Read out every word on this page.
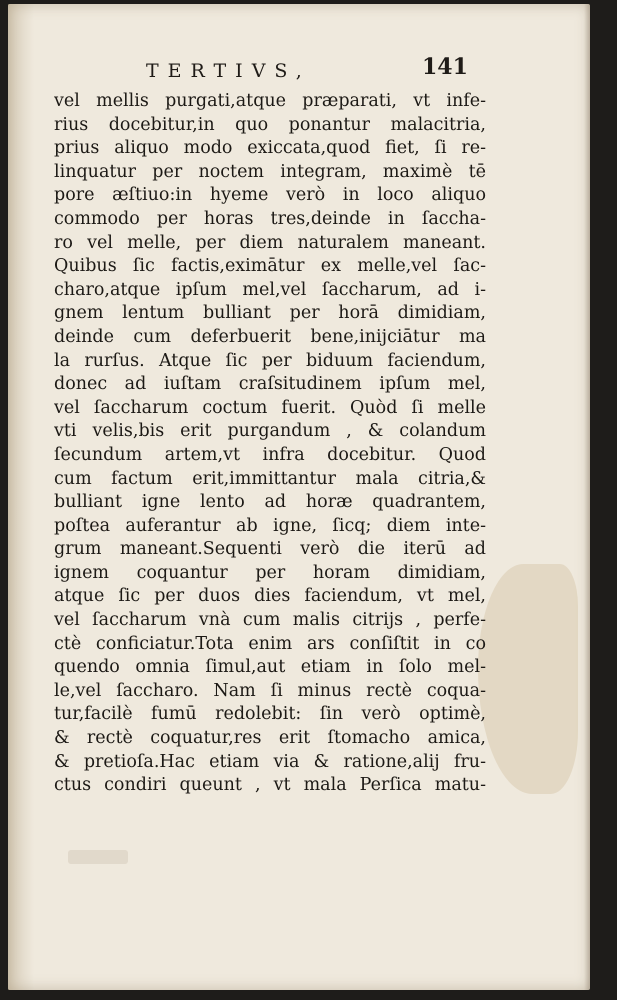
TERTIVS,	141
vel mellis purgati,atque præparati, vt infe-
rius docebitur,in quo ponantur malacitria,
prius aliquo modo exiccata,quod fiet, ſi re-
linquatur per noctem integram, maximè tē
pore æſtiuo:in hyeme verò in loco aliquo
commodo per horas tres,deinde in ſaccha-
ro vel melle, per diem naturalem maneant.
Quibus ſic factis,eximātur ex melle,vel ſac-
charo,atque ipſum mel,vel ſaccharum, ad i-
gnem lentum bulliant per horā dimidiam,
deinde cum deferbuerit bene,inijciātur ma
la rurſus. Atque ſic per biduum faciendum,
donec ad iuſtam craſsitudinem ipſum mel,
vel ſaccharum coctum fuerit. Quòd ſi melle
vti velis,bis erit purgandum , & colandum
ſecundum artem,vt infra docebitur. Quod
cum factum erit,immittantur mala citria,&
bulliant igne lento ad horæ quadrantem,
poſtea auferantur ab igne, ſicq; diem inte-
grum maneant.Sequenti verò die iterū ad
ignem coquantur per horam dimidiam,
atque ſic per duos dies faciendum, vt mel,
vel ſaccharum vnà cum malis citrijs , perfe-
ctè conficiatur.Tota enim ars conſiſtit in co
quendo omnia ſimul,aut etiam in ſolo mel-
le,vel ſaccharo. Nam ſi minus rectè coqua-
tur,facilè fumū redolebit: ſin verò optimè,
& rectè coquatur,res erit ſtomacho amica,
& pretioſa.Hac etiam via & ratione,alij fru-
ctus condiri queunt , vt mala Perſica matu-
